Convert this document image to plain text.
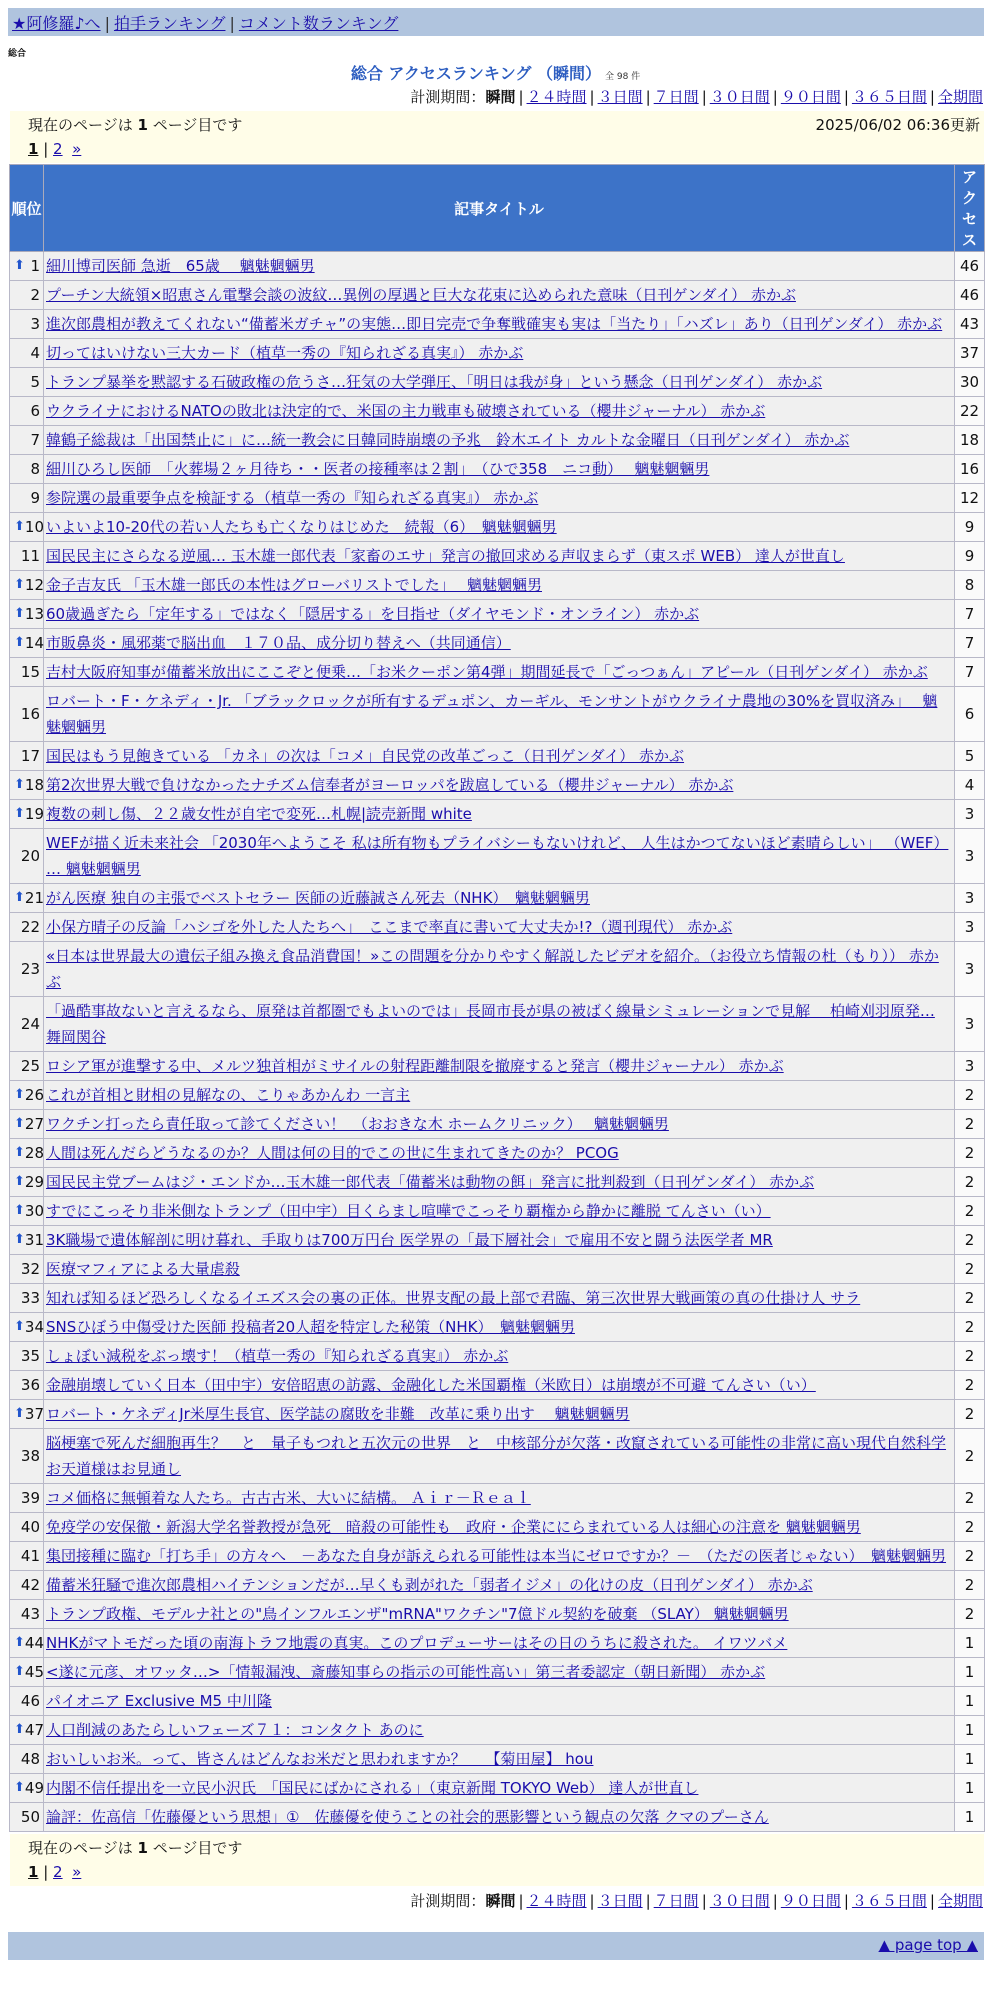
★阿修羅♪へ | 拍手ランキング | コメント数ランキング
総合
総合 アクセスランキング （瞬間） 全 98 件
計測期間：瞬間 | ２４時間 | ３日間 | ７日間 | ３０日間 | ９０日間 | ３６５日間 | 全期間
現在のページは 1 ページ目です	2025/06/02 06:36更新
1 | 2 »
順位	記事タイトル	アクセス

⬆ 1	細川博司医師 急逝　65歳　 魑魅魍魎男	46
2	プーチン大統領×昭恵さん電撃会談の波紋…異例の厚遇と巨大な花束に込められた意味（日刊ゲンダイ） 赤かぶ	46
3	進次郎農相が教えてくれない“備蓄米ガチャ”の実態…即日完売で争奪戦確実も実は「当たり」「ハズレ」あり（日刊ゲンダイ） 赤かぶ	43
4	切ってはいけない三大カード（植草一秀の『知られざる真実』） 赤かぶ	37
5	トランプ暴挙を黙認する石破政権の危うさ…狂気の大学弾圧、「明日は我が身」という懸念（日刊ゲンダイ） 赤かぶ	30
6	ウクライナにおけるNATOの敗北は決定的で、米国の主力戦車も破壊されている（櫻井ジャーナル） 赤かぶ	22
7	韓鶴子総裁は「出国禁止に」に…統一教会に日韓同時崩壊の予兆　鈴木エイト カルトな金曜日（日刊ゲンダイ） 赤かぶ	18
8	細川ひろし医師　「火葬場２ヶ月待ち・・医者の接種率は２割」　（ひで358　ニコ動）　 魑魅魍魎男	16
9	参院選の最重要争点を検証する（植草一秀の『知られざる真実』） 赤かぶ	12

⬆ 10	いよいよ10-20代の若い人たちも亡くなりはじめた　続報（6）　魑魅魍魎男	9
11	国民民主にさらなる逆風… 玉木雄一郎代表「家畜のエサ」発言の撤回求める声収まらず（東スポ WEB） 達人が世直し	9

⬆ 12	金子吉友氏 「玉木雄一郎氏の本性はグローバリストでした」　 魑魅魍魎男	8

⬆ 13	60歳過ぎたら「定年する」ではなく「隠居する」を目指せ（ダイヤモンド・オンライン） 赤かぶ	7

⬆ 14	市販鼻炎・風邪薬で脳出血　１７０品、成分切り替えへ（共同通信）	7
15	吉村大阪府知事が備蓄米放出にここぞと便乗…「お米クーポン第4弾」期間延長で「ごっつぁん」アピール（日刊ゲンダイ） 赤かぶ	7
16	ロバート・F・ケネディ・Jr. 「ブラックロックが所有するデュポン、カーギル、モンサントがウクライナ農地の30%を買収済み」　 魑魅魍魎男	6
17	国民はもう見飽きている 「カネ」の次は「コメ」自民党の改革ごっこ（日刊ゲンダイ） 赤かぶ	5

⬆ 18	第2次世界大戦で負けなかったナチズム信奉者がヨーロッパを跋扈している（櫻井ジャーナル） 赤かぶ	4

⬆ 19	複数の刺し傷、２２歳女性が自宅で変死…札幌|読売新聞 white	3
20	WEFが描く近未来社会 「2030年へようこそ 私は所有物もプライバシーもないけれど、 人生はかつてないほど素晴らしい」 （WEF） … 魑魅魍魎男	3

⬆ 21	がん医療 独自の主張でベストセラー 医師の近藤誠さん死去（NHK）　魑魅魍魎男	3
22	小保方晴子の反論「ハシゴを外した人たちへ」　ここまで率直に書いて大丈夫か!?（週刊現代） 赤かぶ	3
23	«日本は世界最大の遺伝子組み換え食品消費国！»この問題を分かりやすく解説したビデオを紹介。（お役立ち情報の杜（もり）） 赤かぶ	3
24	「過酷事故ないと言えるなら、原発は首都圏でもよいのでは」長岡市長が県の被ばく線量シミュレーションで見解　 柏崎刈羽原発… 舞岡関谷	3
25	ロシア軍が進撃する中、メルツ独首相がミサイルの射程距離制限を撤廃すると発言（櫻井ジャーナル） 赤かぶ	3

⬆ 26	これが首相と財相の見解なの、こりゃあかんわ 一言主	2

⬆ 27	ワクチン打ったら責任取って診てください！　（おおきな木 ホームクリニック）　 魑魅魍魎男	2

⬆ 28	人間は死んだらどうなるのか？人間は何の目的でこの世に生まれてきたのか？ PCOG	2

⬆ 29	国民民主党ブームはジ・エンドか…玉木雄一郎代表「備蓄米は動物の餌」発言に批判殺到（日刊ゲンダイ） 赤かぶ	2

⬆ 30	すでにこっそり非米側なトランプ（田中宇）目くらまし喧嘩でこっそり覇権から静かに離脱 てんさい（い）	2

⬆ 31	3K職場で遺体解剖に明け暮れ、手取りは700万円台 医学界の「最下層社会」で雇用不安と闘う法医学者 MR	2
32	医療マフィアによる大量虐殺	2
33	知れば知るほど恐ろしくなるイエズス会の裏の正体。世界支配の最上部で君臨、第三次世界大戦画策の真の仕掛け人 サラ	2

⬆ 34	SNSひぼう中傷受けた医師 投稿者20人超を特定した秘策（NHK）　魑魅魍魎男	2
35	しょぼい減税をぶっ壊す！（植草一秀の『知られざる真実』） 赤かぶ	2
36	金融崩壊していく日本（田中宇）安倍昭恵の訪露、金融化した米国覇権（米欧日）は崩壊が不可避 てんさい（い）	2

⬆ 37	ロバート・ケネディJr米厚生長官、医学誌の腐敗を非難　改革に乗り出す　 魑魅魍魎男	2
38	脳梗塞で死んだ細胞再生？　と　量子もつれと五次元の世界　と　中核部分が欠落・改竄されている可能性の非常に高い現代自然科学 お天道様はお見通し	2
39	コメ価格に無頓着な人たち。古古古米、大いに結構。 Ａｉｒ－Ｒｅａｌ	2
40	免疫学の安保徹・新潟大学名誉教授が急死　暗殺の可能性も　政府・企業ににらまれている人は細心の注意を 魑魅魍魎男	2
41	集団接種に臨む「打ち手」の方々へ　－あなた自身が訴えられる可能性は本当にゼロですか？－　（ただの医者じゃない）　魑魅魍魎男	2
42	備蓄米狂騒で進次郎農相ハイテンションだが…早くも剥がれた「弱者イジメ」の化けの皮（日刊ゲンダイ） 赤かぶ	2
43	トランプ政権、モデルナ社との"鳥インフルエンザ"mRNA"ワクチン"7億ドル契約を破棄 （SLAY） 魑魅魍魎男	2

⬆ 44	NHKがマトモだった頃の南海トラフ地震の真実。このプロデューサーはその日のうちに殺された。 イワツバメ	1

⬆ 45	<遂に元彦、オワッタ…>「情報漏洩、斎藤知事らの指示の可能性高い」第三者委認定（朝日新聞） 赤かぶ	1
46	パイオニア Exclusive M5 中川隆	1

⬆ 47	人口削減のあたらしいフェーズ７１：コンタクト あのに	1
48	おいしいお米。って、皆さんはどんなお米だと思われますか？　 【菊田屋】 hou	1

⬆ 49	内閣不信任提出を一立民小沢氏　「国民にばかにされる」（東京新聞 TOKYO Web） 達人が世直し	1
50	論評：佐高信「佐藤優という思想」①　佐藤優を使うことの社会的悪影響という観点の欠落 クマのプーさん	1
現在のページは 1 ページ目です
1 | 2 »
計測期間：瞬間 | ２４時間 | ３日間 | ７日間 | ３０日間 | ９０日間 | ３６５日間 | 全期間
▲ page top ▲
